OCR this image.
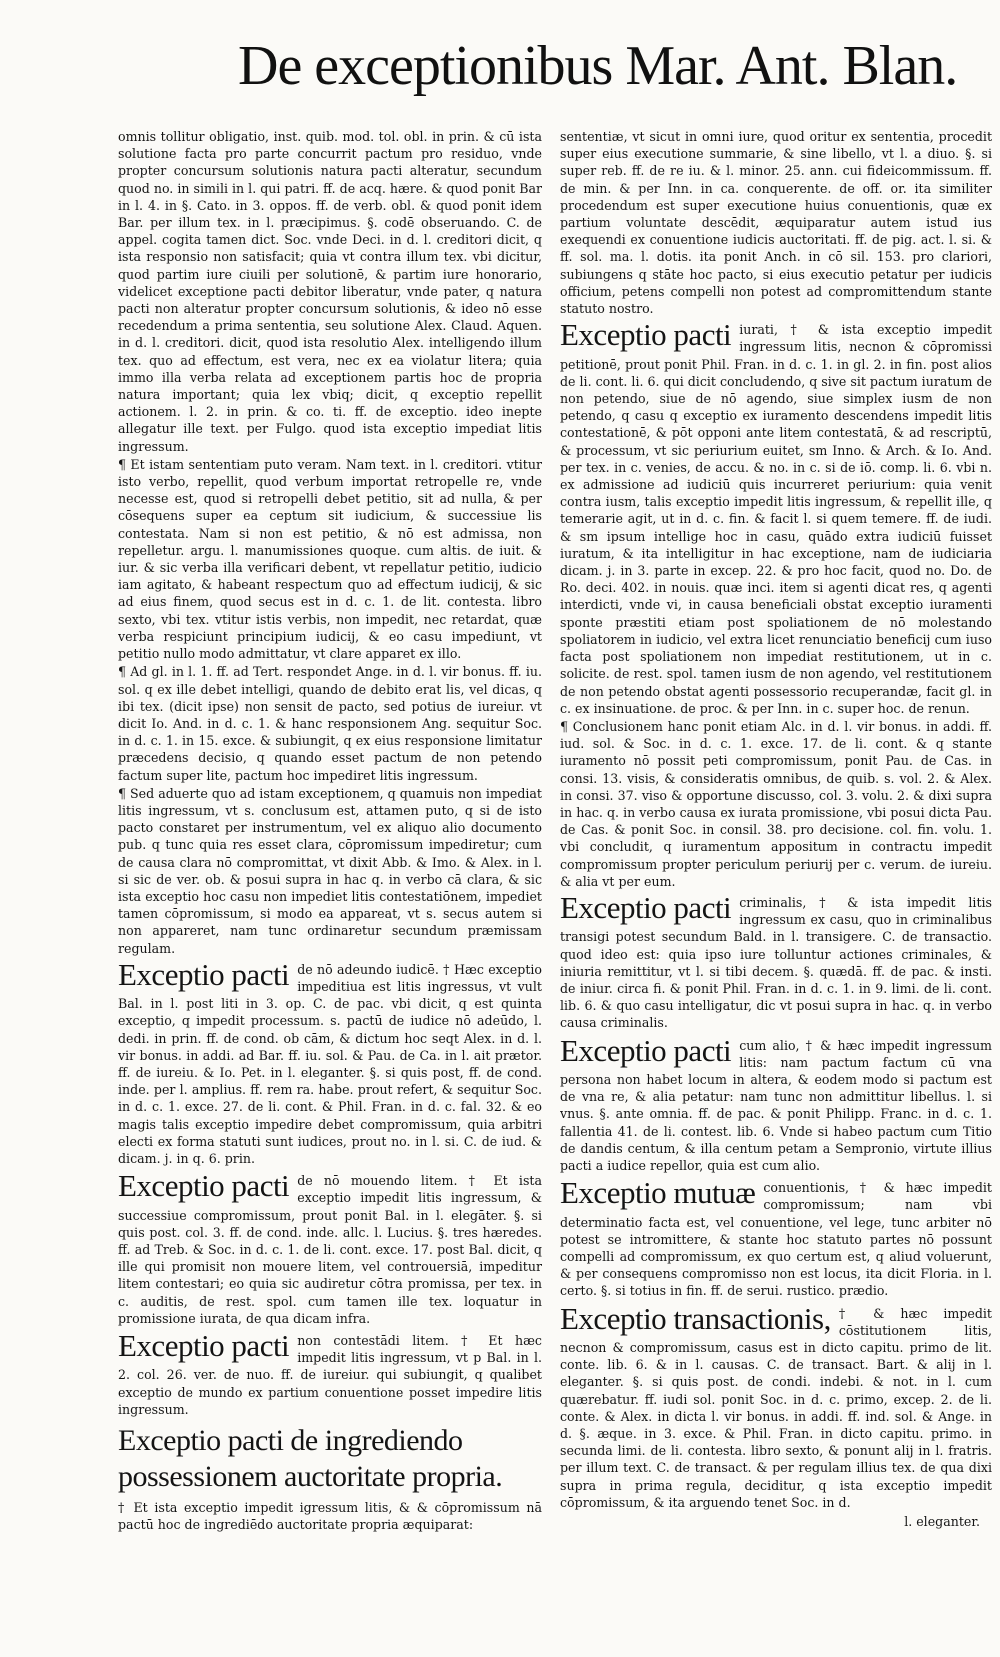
De exceptionibus Mar. Ant. Blan.

omnis tollitur obligatio, inst. quib. mod. tol. obl. in prin. & cū ista solutione facta pro parte concurrit pactum pro residuo, vnde propter concursum solutionis natura pacti alteratur, secundum quod no. in simili in l. qui patri. ff. de acq. hære. & quod ponit Bar in l. 4. in §. Cato. in 3. oppos. ff. de verb. obl. & quod ponit idem Bar. per illum tex. in l. præcipimus. §. codē obseruando. C. de appel. cogita tamen dict. Soc. vnde Deci. in d. l. creditori dicit, q ista responsio non satisfacit; quia vt contra illum tex. vbi dicitur, quod partim iure ciuili per solutionē, & partim iure honorario, videlicet exceptione pacti debitor liberatur, vnde pater, q natura pacti non alteratur propter concursum solutionis, & ideo nō esse recedendum a prima sententia, seu solutione Alex. Claud. Aquen. in d. l. creditori. dicit, quod ista resolutio Alex. intelligendo illum tex. quo ad effectum, est vera, nec ex ea violatur litera; quia immo illa verba relata ad exceptionem partis hoc de propria natura important; quia lex vbiq; dicit, q exceptio repellit actionem. l. 2. in prin. & co. ti. ff. de exceptio. ideo inepte allegatur ille text. per Fulgo. quod ista exceptio impediat litis ingressum.

¶ Et istam sententiam puto veram. Nam text. in l. creditori. vtitur isto verbo, repellit, quod verbum importat retropelle re, vnde necesse est, quod si retropelli debet petitio, sit ad nulla, & per cōsequens super ea ceptum sit iudicium, & successiue lis contestata. Nam si non est petitio, & nō est admissa, non repelletur. argu. l. manumissiones quoque. cum altis. de iuit. & iur. & sic verba illa verificari debent, vt repellatur petitio, iudicio iam agitato, & habeant respectum quo ad effectum iudicij, & sic ad eius finem, quod secus est in d. c. 1. de lit. contesta. libro sexto, vbi tex. vtitur istis verbis, non impedit, nec retardat, quæ verba respiciunt principium iudicij, & eo casu impediunt, vt petitio nullo modo admittatur, vt clare apparet ex illo.

¶ Ad gl. in l. 1. ff. ad Tert. respondet Ange. in d. l. vir bonus. ff. iu. sol. q ex ille debet intelligi, quando de debito erat lis, vel dicas, q ibi tex. (dicit ipse) non sensit de pacto, sed potius de iureiur. vt dicit Io. And. in d. c. 1. & hanc responsionem Ang. sequitur Soc. in d. c. 1. in 15. exce. & subiungit, q ex eius responsione limitatur præcedens decisio, q quando esset pactum de non petendo factum super lite, pactum hoc impediret litis ingressum.

¶ Sed aduerte quo ad istam exceptionem, q quamuis non impediat litis ingressum, vt s. conclusum est, attamen puto, q si de isto pacto constaret per instrumentum, vel ex aliquo alio documento pub. q tunc quia res esset clara, cōpromissum impediretur; cum de causa clara nō compromittat, vt dixit Abb. & Imo. & Alex. in l. si sic de ver. ob. & posui supra in hac q. in verbo cā clara, & sic ista exceptio hoc casu non impediet litis contestatiōnem, impediet tamen cōpromissum, si modo ea appareat, vt s. secus autem si non appareret, nam tunc ordinaretur secundum præmissam regulam.

Exceptio pacti de nō adeundo iudicē. † Hæc exceptio impeditiua est litis ingressus, vt vult Bal. in l. post liti in 3. op. C. de pac. vbi dicit, q est quinta exceptio, q impedit processum. s. pactū de iudice nō adeūdo, l. dedi. in prin. ff. de cond. ob cām, & dictum hoc seqt Alex. in d. l. vir bonus. in addi. ad Bar. ff. iu. sol. & Pau. de Ca. in l. ait prætor. ff. de iureiu. & Io. Pet. in l. eleganter. §. si quis post, ff. de cond. inde. per l. amplius. ff. rem ra. habe. prout refert, & sequitur Soc. in d. c. 1. exce. 27. de li. cont. & Phil. Fran. in d. c. fal. 32. & eo magis talis exceptio impedire debet compromissum, quia arbitri electi ex forma statuti sunt iudices, prout no. in l. si. C. de iud. & dicam. j. in q. 6. prin.

Exceptio pacti de nō mouendo litem. † Et ista exceptio impedit litis ingressum, & successiue compromissum, prout ponit Bal. in l. elegāter. §. si quis post. col. 3. ff. de cond. inde. allc. l. Lucius. §. tres hæredes. ff. ad Treb. & Soc. in d. c. 1. de li. cont. exce. 17. post Bal. dicit, q ille qui promisit non mouere litem, vel controuersiā, impeditur litem contestari; eo quia sic audiretur cōtra promissa, per tex. in c. auditis, de rest. spol. cum tamen ille tex. loquatur in promissione iurata, de qua dicam infra.

Exceptio pacti non contestādi litem. † Et hæc impedit litis ingressum, vt p Bal. in l. 2. col. 26. ver. de nuo. ff. de iureiur. qui subiungit, q qualibet exceptio de mundo ex partium conuentione posset impedire litis ingressum.

Exceptio pacti de ingrediendo possessionem auctoritate propria.

† Et ista exceptio impedit igressum litis, & & cōpromissum nā pactū hoc de ingrediēdo auctoritate propria æquiparat:

sententiæ, vt sicut in omni iure, quod oritur ex sententia, procedit super eius executione summarie, & sine libello, vt l. a diuo. §. si super reb. ff. de re iu. & l. minor. 25. ann. cui fideicommissum. ff. de min. & per Inn. in ca. conquerente. de off. or. ita similiter procedendum est super executione huius conuentionis, quæ ex partium voluntate descēdit, æquiparatur autem istud ius exequendi ex conuentione iudicis auctoritati. ff. de pig. act. l. si. & ff. sol. ma. l. dotis. ita ponit Anch. in cō sil. 153. pro clariori, subiungens q stāte hoc pacto, si eius executio petatur per iudicis officium, petens compelli non potest ad compromittendum stante statuto nostro.

Exceptio pacti iurati, † & ista exceptio impedit ingressum litis, necnon & cōpromissi petitionē, prout ponit Phil. Fran. in d. c. 1. in gl. 2. in fin. post alios de li. cont. li. 6. qui dicit concludendo, q sive sit pactum iuratum de non petendo, siue de nō agendo, siue simplex iusm de non petendo, q casu q exceptio ex iuramento descendens impedit litis contestationē, & pōt opponi ante litem contestatā, & ad rescriptū, & processum, vt sic periurium euitet, sm Inno. & Arch. & Io. And. per tex. in c. venies, de accu. & no. in c. si de iō. comp. li. 6. vbi n. ex admissione ad iudiciū quis incurreret periurium: quia venit contra iusm, talis exceptio impedit litis ingressum, & repellit ille, q temerarie agit, ut in d. c. fin. & facit l. si quem temere. ff. de iudi. & sm ipsum intellige hoc in casu, quādo extra iudiciū fuisset iuratum, & ita intelligitur in hac exceptione, nam de iudiciaria dicam. j. in 3. parte in excep. 22. & pro hoc facit, quod no. Do. de Ro. deci. 402. in nouis. quæ inci. item si agenti dicat res, q agenti interdicti, vnde vi, in causa beneficiali obstat exceptio iuramenti sponte præstiti etiam post spoliationem de nō molestando spoliatorem in iudicio, vel extra licet renunciatio beneficij cum iuso facta post spoliationem non impediat restitutionem, ut in c. solicite. de rest. spol. tamen iusm de non agendo, vel restitutionem de non petendo obstat agenti possessorio recuperandæ, facit gl. in c. ex insinuatione. de proc. & per Inn. in c. super hoc. de renun.

¶ Conclusionem hanc ponit etiam Alc. in d. l. vir bonus. in addi. ff. iud. sol. & Soc. in d. c. 1. exce. 17. de li. cont. & q stante iuramento nō possit peti compromissum, ponit Pau. de Cas. in consi. 13. visis, & consideratis omnibus, de quib. s. vol. 2. & Alex. in consi. 37. viso & opportune discusso, col. 3. volu. 2. & dixi supra in hac. q. in verbo causa ex iurata promissione, vbi posui dicta Pau. de Cas. & ponit Soc. in consil. 38. pro decisione. col. fin. volu. 1. vbi concludit, q iuramentum appositum in contractu impedit compromissum propter periculum periurij per c. verum. de iureiu. & alia vt per eum.

Exceptio pacti criminalis, † & ista impedit litis ingressum ex casu, quo in criminalibus transigi potest secundum Bald. in l. transigere. C. de transactio. quod ideo est: quia ipso iure tolluntur actiones criminales, & iniuria remittitur, vt l. si tibi decem. §. quædā. ff. de pac. & insti. de iniur. circa fi. & ponit Phil. Fran. in d. c. 1. in 9. limi. de li. cont. lib. 6. & quo casu intelligatur, dic vt posui supra in hac. q. in verbo causa criminalis.

Exceptio pacti cum alio, † & hæc impedit ingressum litis: nam pactum factum cū vna persona non habet locum in altera, & eodem modo si pactum est de vna re, & alia petatur: nam tunc non admittitur libellus. l. si vnus. §. ante omnia. ff. de pac. & ponit Philipp. Franc. in d. c. 1. fallentia 41. de li. contest. lib. 6. Vnde si habeo pactum cum Titio de dandis centum, & illa centum petam a Sempronio, virtute illius pacti a iudice repellor, quia est cum alio.

Exceptio mutuæ conuentionis, † & hæc impedit compromissum; nam vbi determinatio facta est, vel conuentione, vel lege, tunc arbiter nō potest se intromittere, & stante hoc statuto partes nō possunt compelli ad compromissum, ex quo certum est, q aliud voluerunt, & per consequens compromisso non est locus, ita dicit Floria. in l. certo. §. si totius in fin. ff. de serui. rustico. prædio.

Exceptio transactionis, † & hæc impedit cōstitutionem litis, necnon & compromissum, casus est in dicto capitu. primo de lit. conte. lib. 6. & in l. causas. C. de transact. Bart. & alij in l. eleganter. §. si quis post. de condi. indebi. & not. in l. cum quærebatur. ff. iudi sol. ponit Soc. in d. c. primo, excep. 2. de li. conte. & Alex. in dicta l. vir bonus. in addi. ff. ind. sol. & Ange. in d. §. æque. in 3. exce. & Phil. Fran. in dicto capitu. primo. in secunda limi. de li. contesta. libro sexto, & ponunt alij in l. fratris. per illum text. C. de transact. & per regulam illius tex. de qua dixi supra in prima regula, deciditur, q ista exceptio impedit cōpromissum, & ita arguendo tenet Soc. in d.

l. eleganter.
